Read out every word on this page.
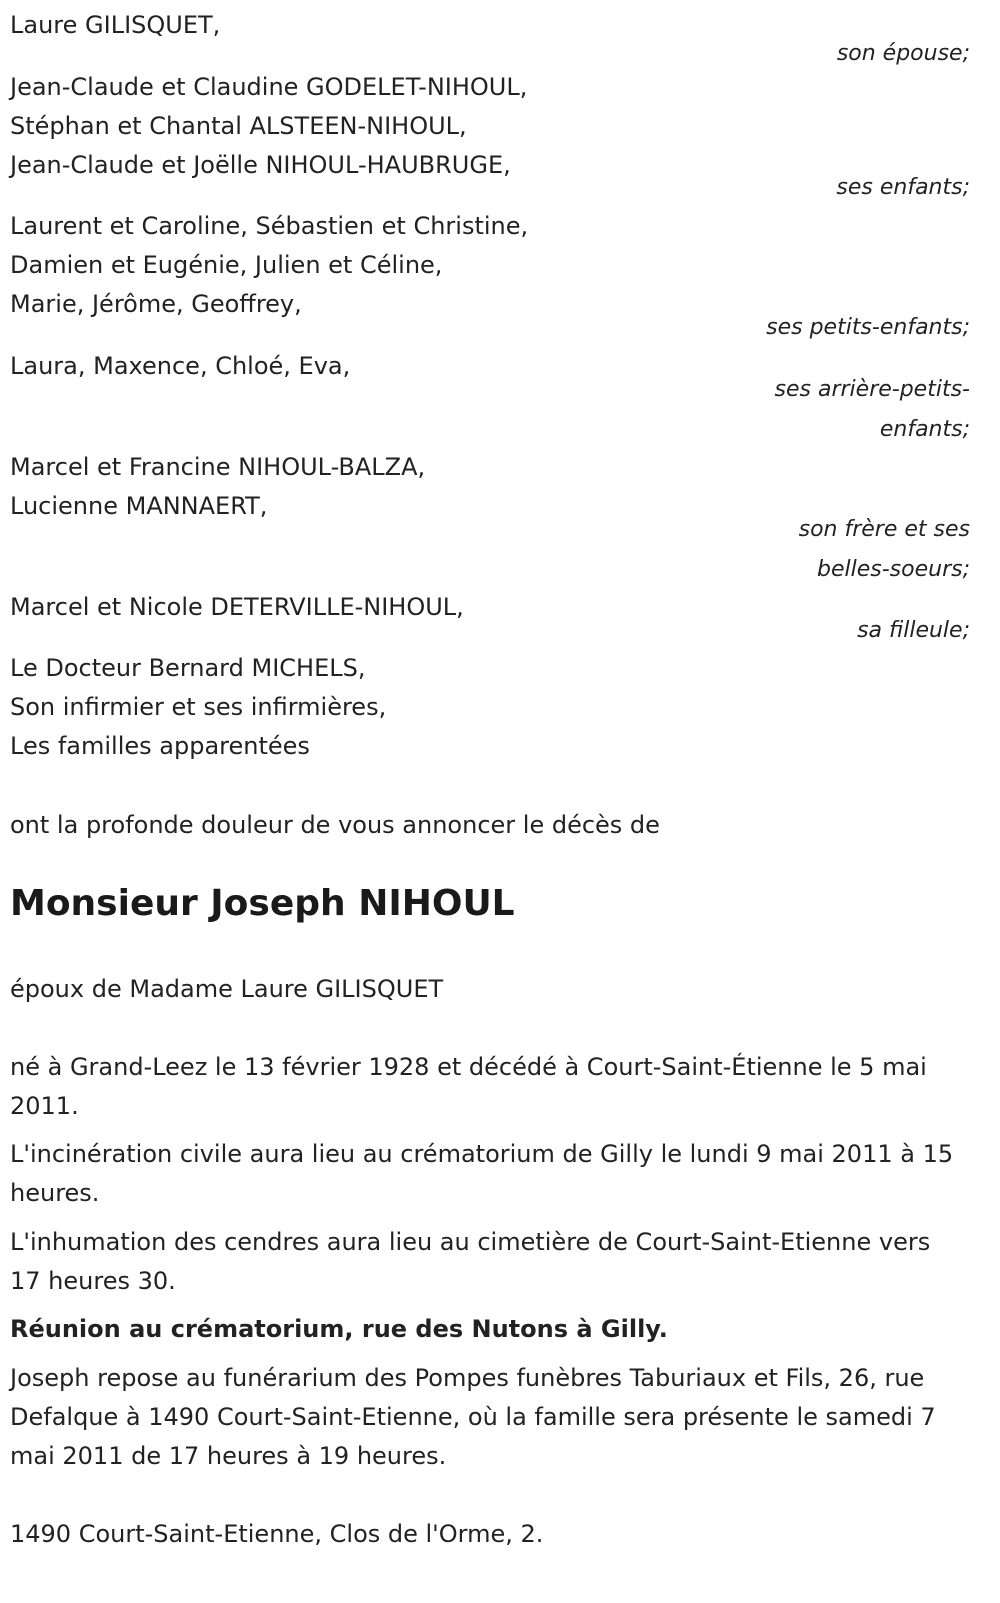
Laure GILISQUET,
son épouse;
Jean-Claude et Claudine GODELET-NIHOUL,
Stéphan et Chantal ALSTEEN-NIHOUL,
Jean-Claude et Joëlle NIHOUL-HAUBRUGE,
ses enfants;
Laurent et Caroline, Sébastien et Christine,
Damien et Eugénie, Julien et Céline,
Marie, Jérôme, Geoffrey,
ses petits-enfants;
Laura, Maxence, Chloé, Eva,
ses arrière-petits-
enfants;
Marcel et Francine NIHOUL-BALZA,
Lucienne MANNAERT,
son frère et ses
belles-soeurs;
Marcel et Nicole DETERVILLE-NIHOUL,
sa filleule;
Le Docteur Bernard MICHELS,
Son infirmier et ses infirmières,
Les familles apparentées
ont la profonde douleur de vous annoncer le décès de
Monsieur Joseph NIHOUL
époux de Madame Laure GILISQUET

né à Grand-Leez le 13 février 1928 et décédé à Court-Saint-Étienne le 5 mai 2011.

L'incinération civile aura lieu au crématorium de Gilly le lundi 9 mai 2011 à 15 heures.

L'inhumation des cendres aura lieu au cimetière de Court-Saint-Etienne vers 17 heures 30.

Réunion au crématorium, rue des Nutons à Gilly.

Joseph repose au funérarium des Pompes funèbres Taburiaux et Fils, 26, rue Defalque à 1490 Court-Saint-Etienne, où la famille sera présente le samedi 7 mai 2011 de 17 heures à 19 heures.

1490 Court-Saint-Etienne, Clos de l'Orme, 2.
